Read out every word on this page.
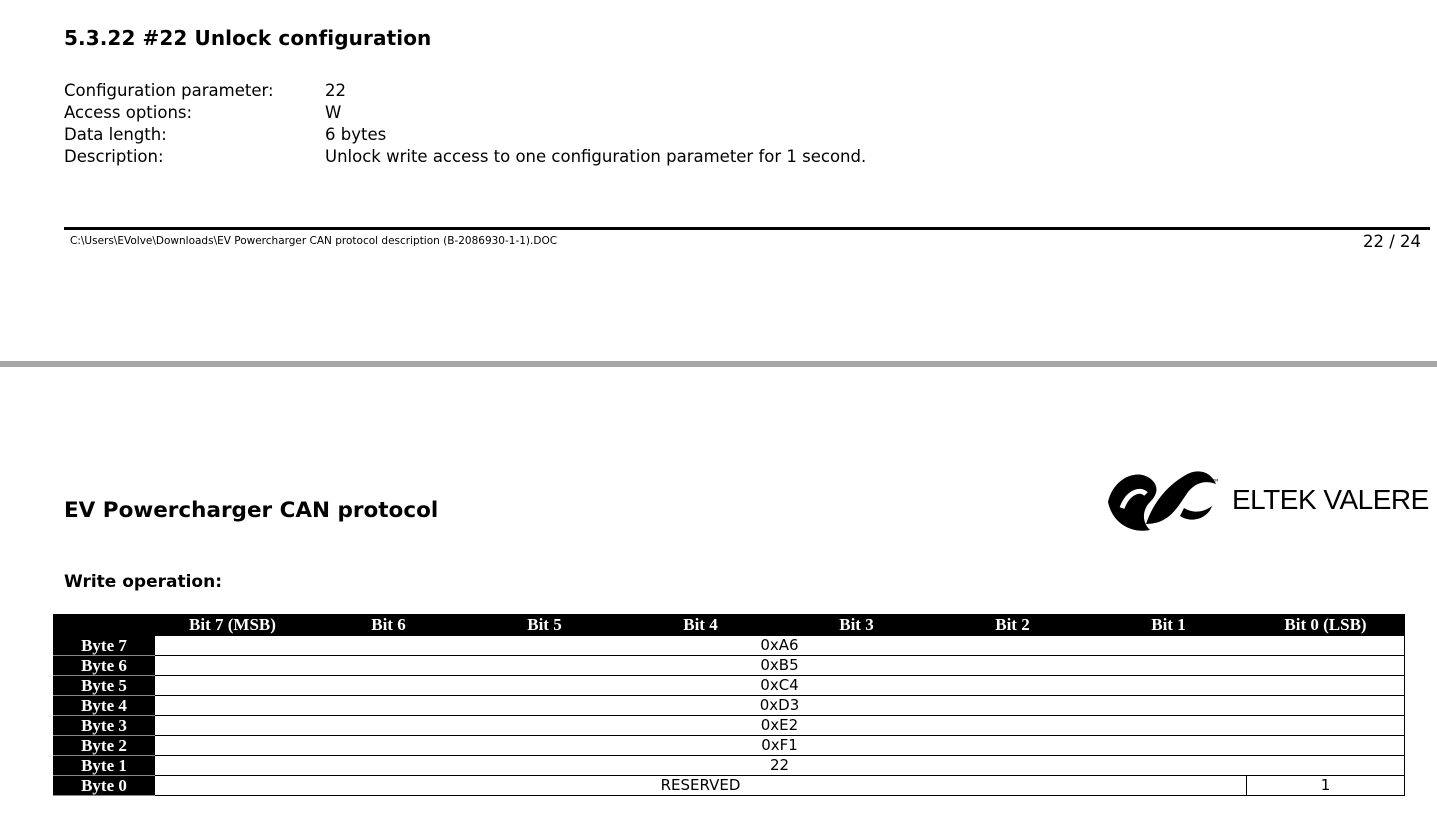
5.3.22 #22 Unlock configuration
Configuration parameter:	22
Access options:	W
Data length:	6 bytes
Description:	Unlock write access to one configuration parameter for 1 second.
C:\Users\EVolve\Downloads\EV Powercharger CAN protocol description (B-2086930-1-1).DOC	22 / 24
EV Powercharger CAN protocol
™
ELTEK VALERE
Write operation:
	Bit 7 (MSB)	Bit 6	Bit 5	Bit 4	Bit 3	Bit 2	Bit 1	Bit 0 (LSB)
Byte 7	0xA6							
Byte 6	0xB5							
Byte 5	0xC4							
Byte 4	0xD3							
Byte 3	0xE2							
Byte 2	0xF1							
Byte 1	22							
Byte 0	RESERVED							1
